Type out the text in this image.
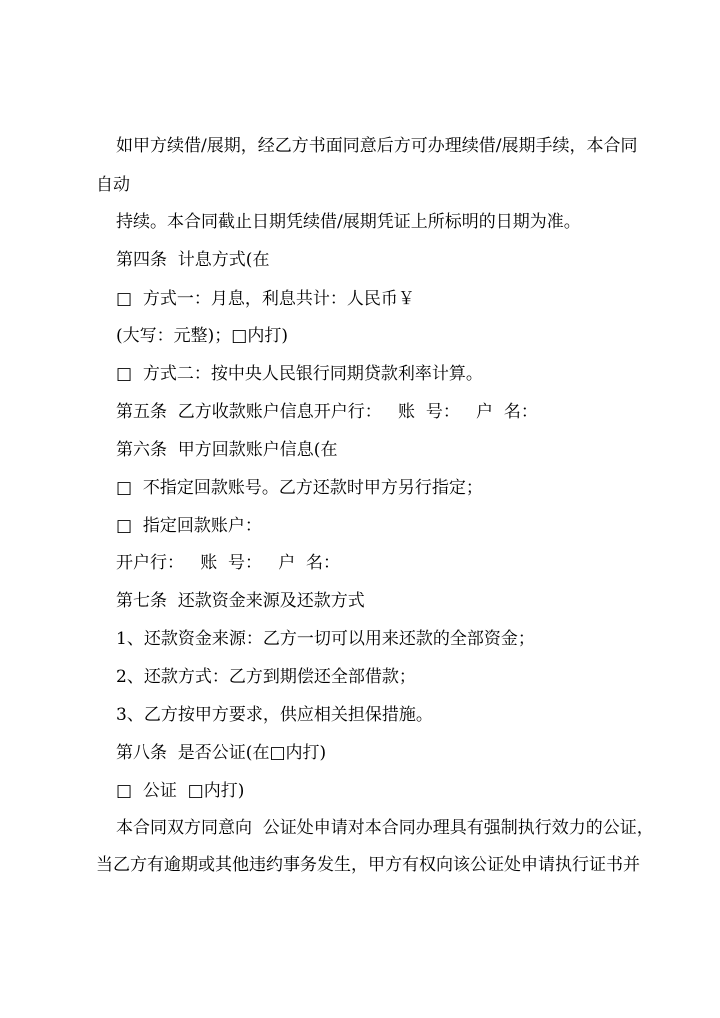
如甲方续借/展期，经乙方书面同意后方可办理续借/展期手续，本合同
自动
持续。本合同截止日期凭续借/展期凭证上所标明的日期为准。
第四条  计息方式(在
□  方式一：月息，利息共计：人民币￥
(大写：元整)；□内打)
□  方式二：按中央人民银行同期贷款利率计算。
第五条  乙方收款账户信息开户行：   账  号：   户  名：
第六条  甲方回款账户信息(在
□  不指定回款账号。乙方还款时甲方另行指定；
□  指定回款账户：
开户行：   账  号：   户  名：
第七条  还款资金来源及还款方式
1、还款资金来源：乙方一切可以用来还款的全部资金；
2、还款方式：乙方到期偿还全部借款；
3、乙方按甲方要求，供应相关担保措施。
第八条  是否公证(在□内打)
□  公证  □内打)
本合同双方同意向  公证处申请对本合同办理具有强制执行效力的公证，
当乙方有逾期或其他违约事务发生，甲方有权向该公证处申请执行证书并
